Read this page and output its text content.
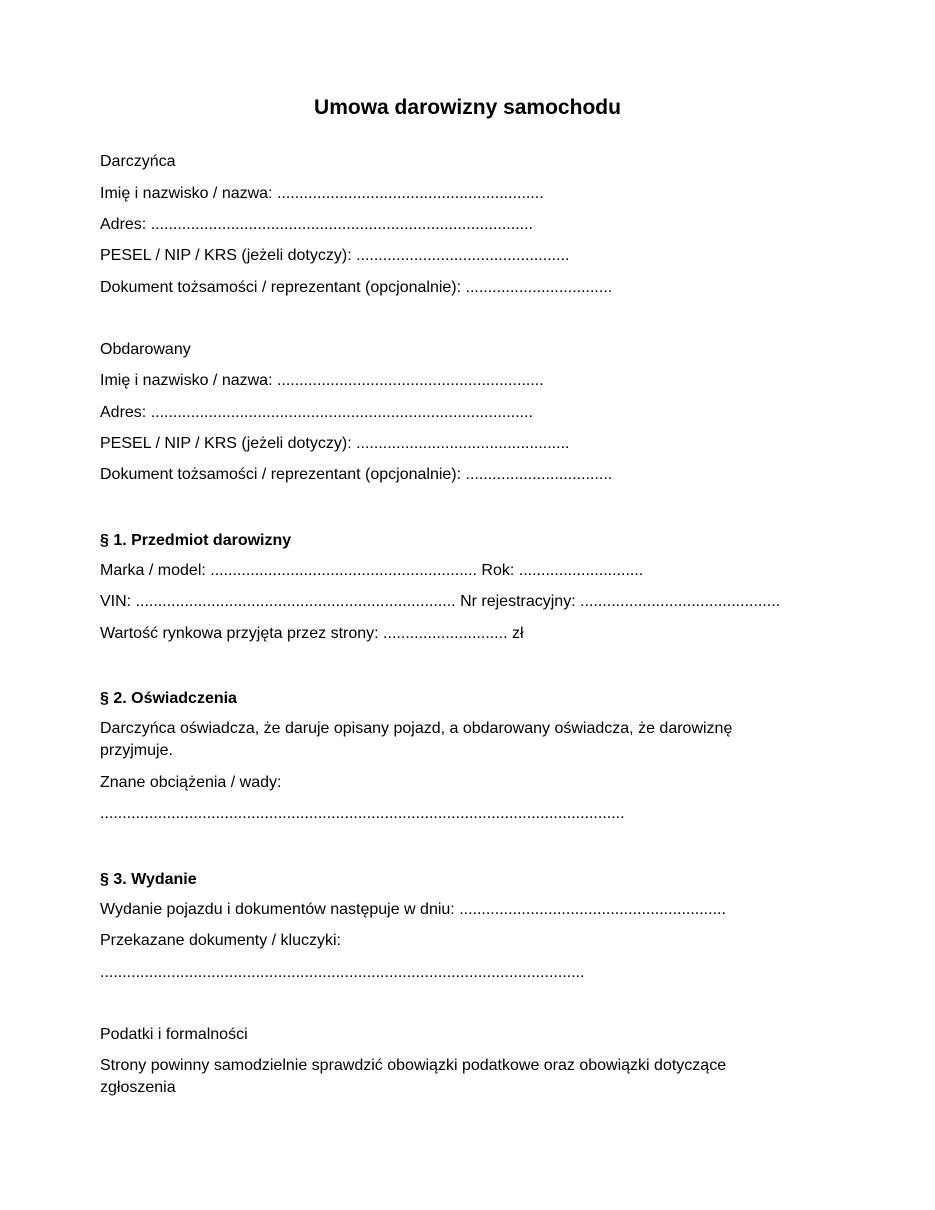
Umowa darowizny samochodu
Darczyńca
Imię i nazwisko / nazwa: ............................................................
Adres: ......................................................................................
PESEL / NIP / KRS (jeżeli dotyczy): ................................................
Dokument tożsamości / reprezentant (opcjonalnie): .................................
Obdarowany
Imię i nazwisko / nazwa: ............................................................
Adres: ......................................................................................
PESEL / NIP / KRS (jeżeli dotyczy): ................................................
Dokument tożsamości / reprezentant (opcjonalnie): .................................
§ 1. Przedmiot darowizny
Marka / model: ............................................................ Rok: ............................
VIN: ........................................................................ Nr rejestracyjny: .............................................
Wartość rynkowa przyjęta przez strony: ............................ zł
§ 2. Oświadczenia
Darczyńca oświadcza, że daruje opisany pojazd, a obdarowany oświadcza, że darowiznę przyjmuje.
Znane obciążenia / wady:
......................................................................................................................
§ 3. Wydanie
Wydanie pojazdu i dokumentów następuje w dniu: ............................................................
Przekazane dokumenty / kluczyki:
.............................................................................................................
Podatki i formalności
Strony powinny samodzielnie sprawdzić obowiązki podatkowe oraz obowiązki dotyczące zgłoszenia
